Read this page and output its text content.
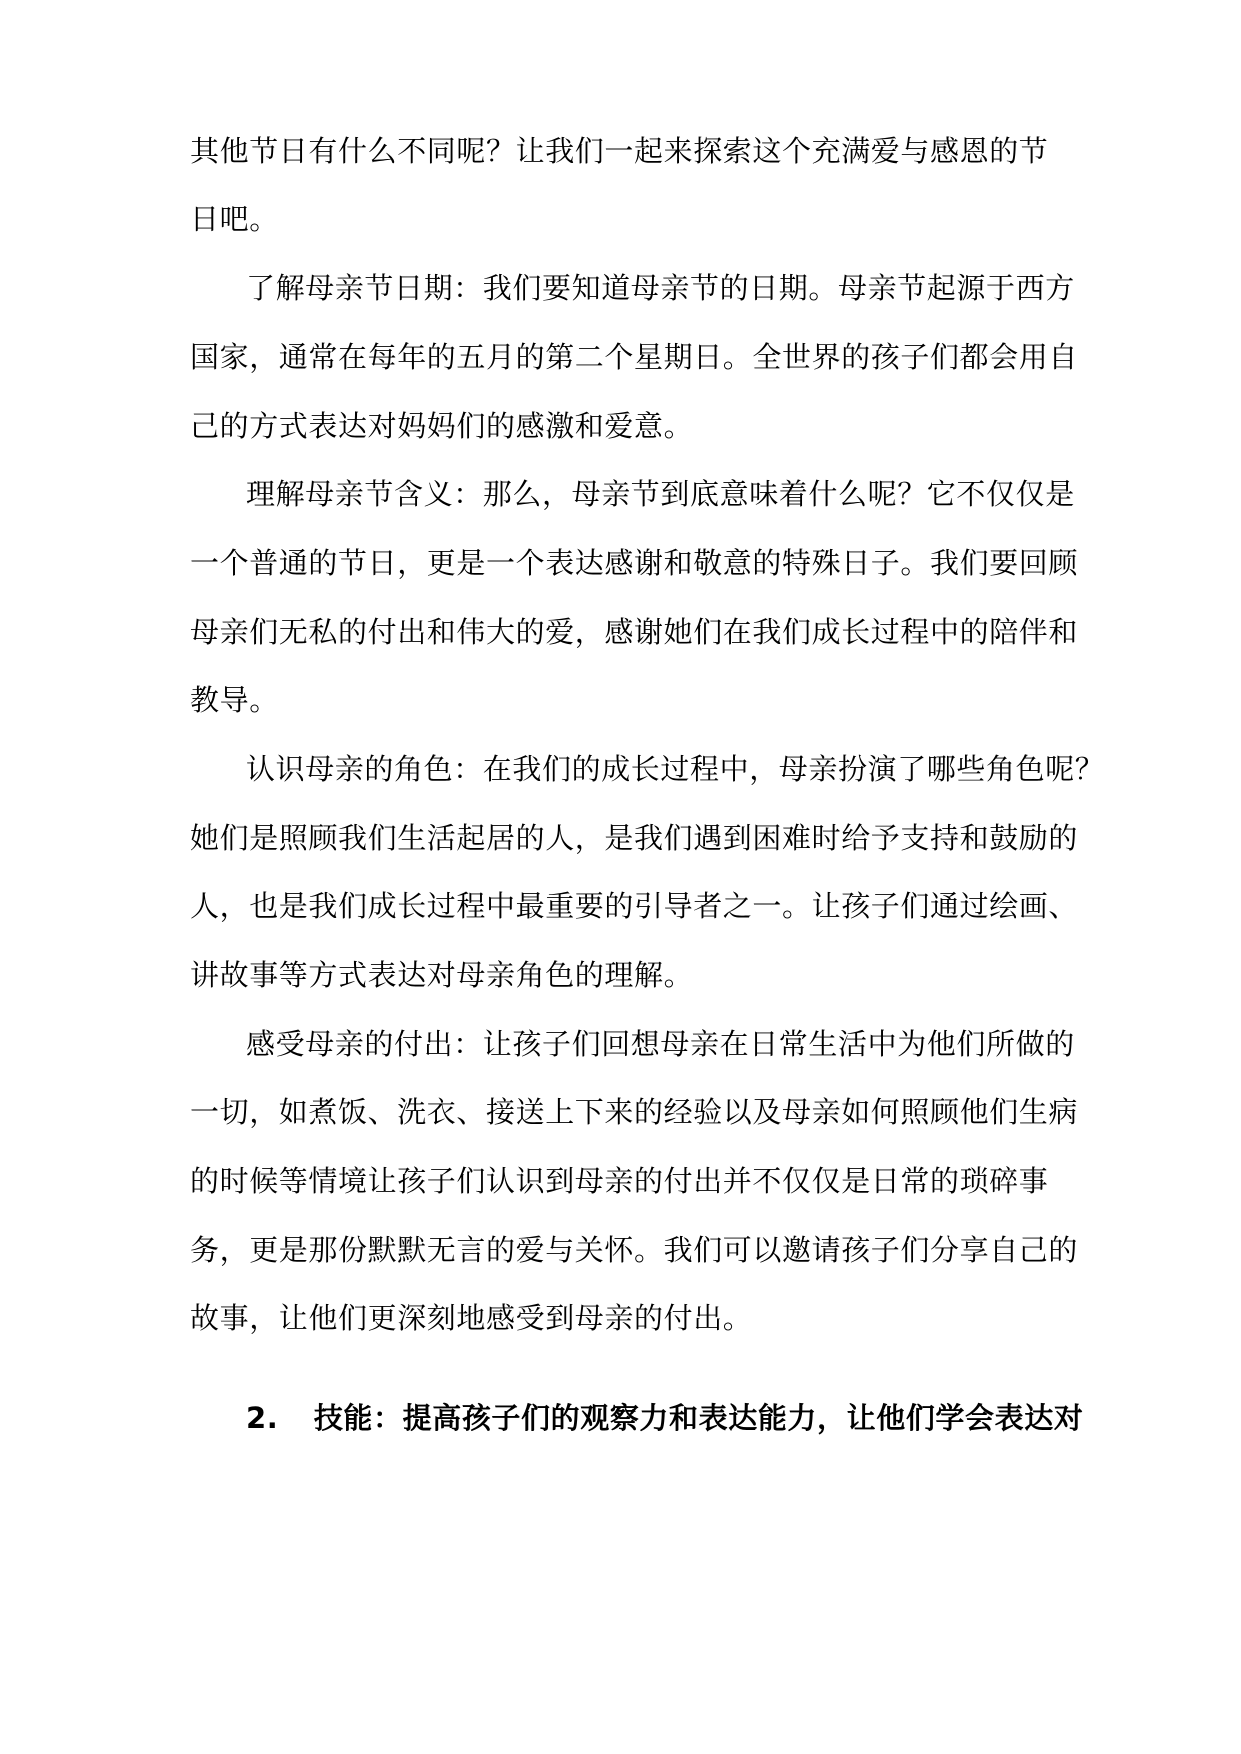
其他节日有什么不同呢？让我们一起来探索这个充满爱与感恩的节
日吧。
了解母亲节日期：我们要知道母亲节的日期。母亲节起源于西方
国家，通常在每年的五月的第二个星期日。全世界的孩子们都会用自
己的方式表达对妈妈们的感激和爱意。
理解母亲节含义：那么，母亲节到底意味着什么呢？它不仅仅是
一个普通的节日，更是一个表达感谢和敬意的特殊日子。我们要回顾
母亲们无私的付出和伟大的爱，感谢她们在我们成长过程中的陪伴和
教导。
认识母亲的角色：在我们的成长过程中，母亲扮演了哪些角色呢？
她们是照顾我们生活起居的人，是我们遇到困难时给予支持和鼓励的
人，也是我们成长过程中最重要的引导者之一。让孩子们通过绘画、
讲故事等方式表达对母亲角色的理解。
感受母亲的付出：让孩子们回想母亲在日常生活中为他们所做的
一切，如煮饭、洗衣、接送上下来的经验以及母亲如何照顾他们生病
的时候等情境让孩子们认识到母亲的付出并不仅仅是日常的琐碎事
务，更是那份默默无言的爱与关怀。我们可以邀请孩子们分享自己的
故事，让他们更深刻地感受到母亲的付出。
2. 技能：提高孩子们的观察力和表达能力，让他们学会表达对
